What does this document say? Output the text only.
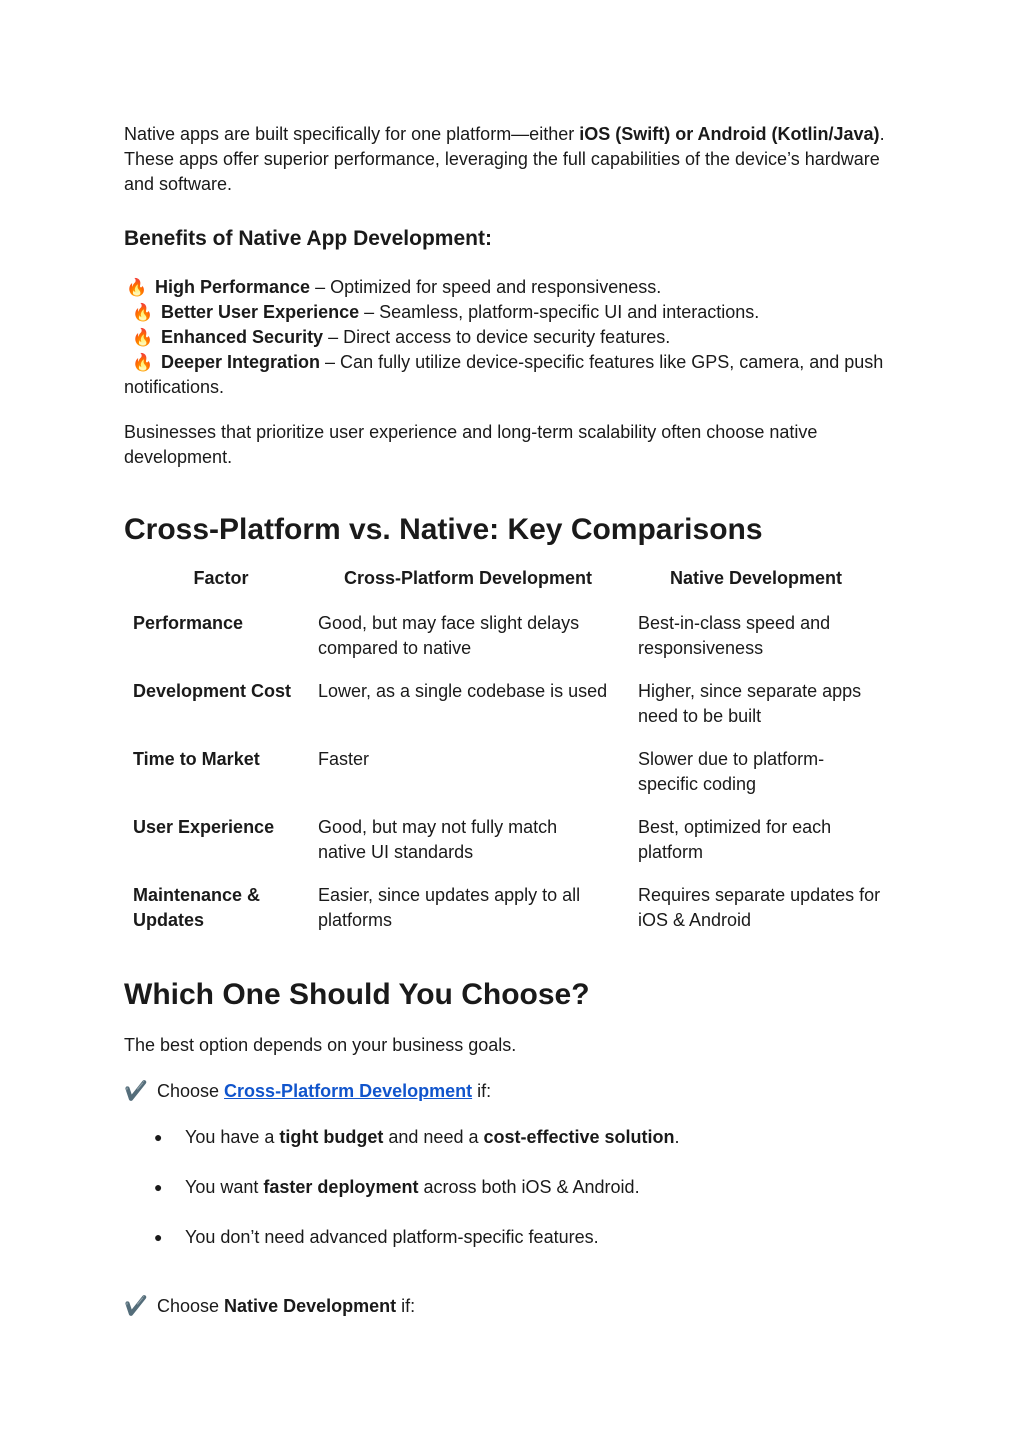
Native apps are built specifically for one platform—either iOS (Swift) or Android (Kotlin/Java). These apps offer superior performance, leveraging the full capabilities of the device’s hardware and software.

Benefits of Native App Development:
🔥 High Performance – Optimized for speed and responsiveness.
🔥 Better User Experience – Seamless, platform-specific UI and interactions.
🔥 Enhanced Security – Direct access to device security features.
🔥 Deeper Integration – Can fully utilize device-specific features like GPS, camera, and push notifications.

Businesses that prioritize user experience and long-term scalability often choose native development.

Cross-Platform vs. Native: Key Comparisons
Factor	Cross-Platform Development	Native Development
Performance	Good, but may face slight delays compared to native	Best-in-class speed and responsiveness
Development Cost	Lower, as a single codebase is used	Higher, since separate apps need to be built
Time to Market	Faster	Slower due to platform-specific coding
User Experience	Good, but may not fully match native UI standards	Best, optimized for each platform
Maintenance & Updates	Easier, since updates apply to all platforms	Requires separate updates for iOS & Android
Which One Should You Choose?

The best option depends on your business goals.

✔️ Choose Cross-Platform Development if:

● You have a tight budget and need a cost-effective solution.
● You want faster deployment across both iOS & Android.
● You don’t need advanced platform-specific features.

✔️ Choose Native Development if:
